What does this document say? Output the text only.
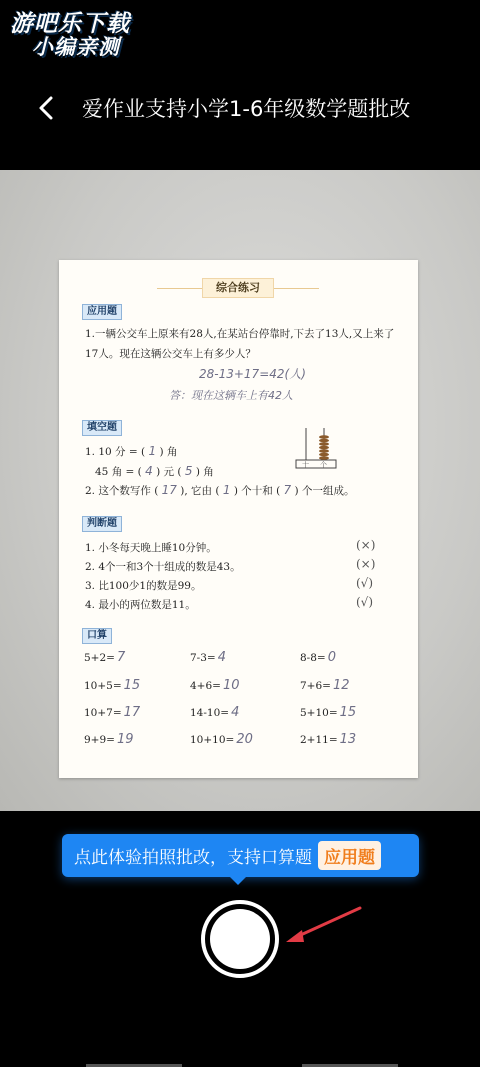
游吧乐下载
小编亲测
爱作业支持小学1-6年级数学题批改
综合练习
应用题
1.一辆公交车上原来有28人,在某站台停靠时,下去了13人,又上来了
17人。现在这辆公交车上有多少人？
28-13+17=42(人)
答：现在这辆车上有42人
填空题
1. 10 分 = ( 1 ) 角
45 角 = ( 4 ) 元 ( 5 ) 角
2. 这个数写作 ( 17 ), 它由 ( 1 ) 个十和 ( 7 ) 个一组成。
十 个
判断题
1. 小冬每天晚上睡10分钟。	(×)
2. 4个一和3个十组成的数是43。	(×)
3. 比100少1的数是99。	(√)
4. 最小的两位数是11。	(√)
口算
5+2= 7	7-3= 4	8-8= 0
10+5= 15	4+6= 10	7+6= 12
10+7= 17	14-10= 4	5+10= 15
9+9= 19	10+10= 20	2+11= 13
点此体验拍照批改，支持口算题 应用题
